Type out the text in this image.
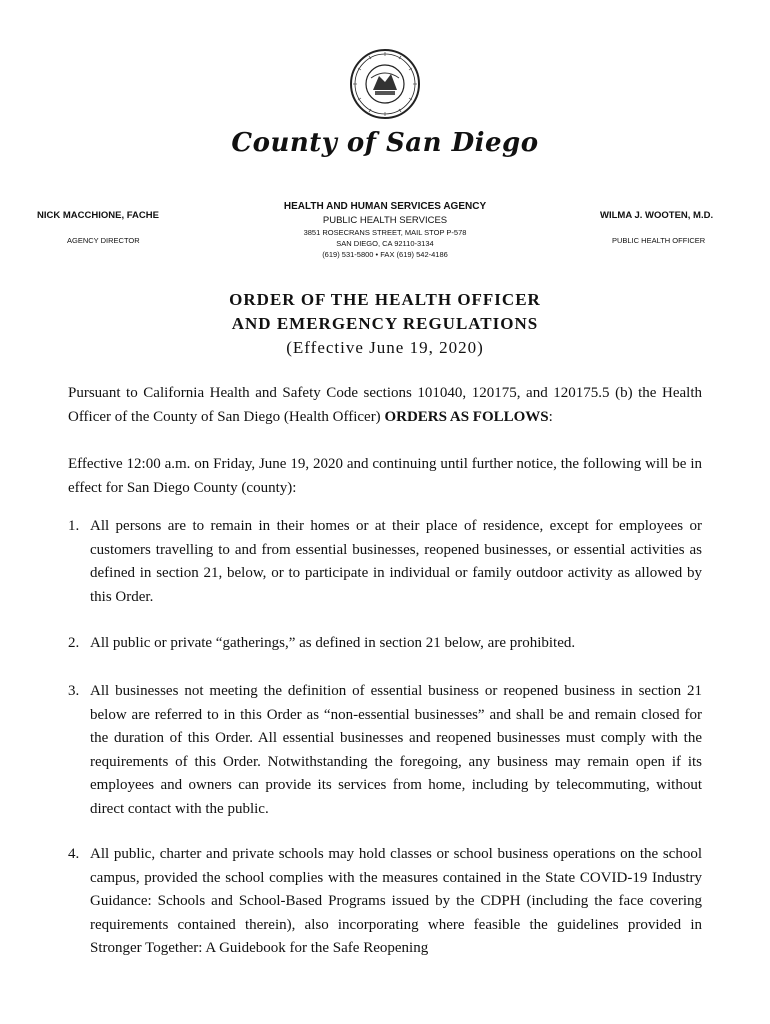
County of San Diego
NICK MACCHIONE, FACHE
AGENCY DIRECTOR
WILMA J. WOOTEN, M.D.
PUBLIC HEALTH OFFICER
HEALTH AND HUMAN SERVICES AGENCY
PUBLIC HEALTH SERVICES
3851 ROSECRANS STREET, MAIL STOP P-578
SAN DIEGO, CA 92110-3134
(619) 531-5800 • FAX (619) 542-4186
ORDER OF THE HEALTH OFFICER
AND EMERGENCY REGULATIONS
(Effective June 19, 2020)

Pursuant to California Health and Safety Code sections 101040, 120175, and 120175.5 (b) the Health Officer of the County of San Diego (Health Officer) ORDERS AS FOLLOWS:

Effective 12:00 a.m. on Friday, June 19, 2020 and continuing until further notice, the following will be in effect for San Diego County (county):

1. All persons are to remain in their homes or at their place of residence, except for employees or customers travelling to and from essential businesses, reopened businesses, or essential activities as defined in section 21, below, or to participate in individual or family outdoor activity as allowed by this Order.
2. All public or private “gatherings,” as defined in section 21 below, are prohibited.
3. All businesses not meeting the definition of essential business or reopened business in section 21 below are referred to in this Order as “non-essential businesses” and shall be and remain closed for the duration of this Order. All essential businesses and reopened businesses must comply with the requirements of this Order. Notwithstanding the foregoing, any business may remain open if its employees and owners can provide its services from home, including by telecommuting, without direct contact with the public.
4. All public, charter and private schools may hold classes or school business operations on the school campus, provided the school complies with the measures contained in the State COVID-19 Industry Guidance: Schools and School-Based Programs issued by the CDPH (including the face covering requirements contained therein), also incorporating where feasible the guidelines provided in Stronger Together: A Guidebook for the Safe Reopening
